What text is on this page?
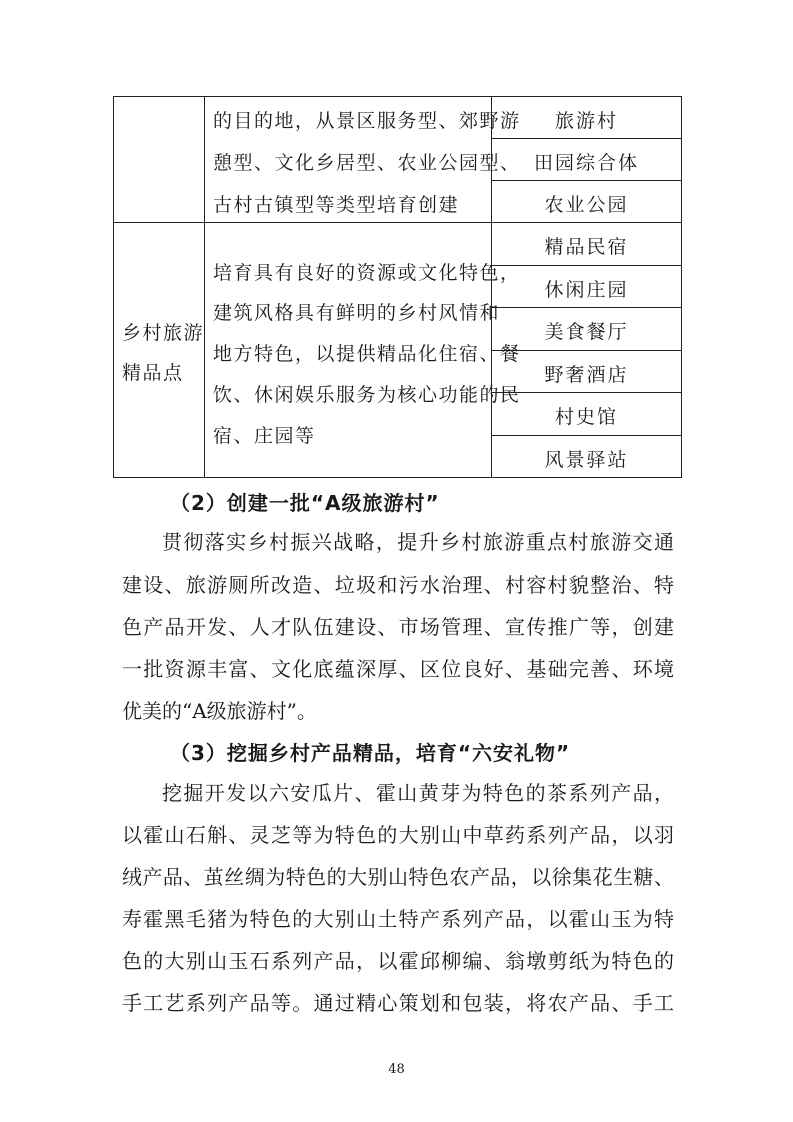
的目的地，从景区服务型、郊野游
憩型、文化乡居型、农业公园型、
古村古镇型等类型培育创建
旅游村
田园综合体
农业公园
乡村旅游
精品点
培育具有良好的资源或文化特色，
建筑风格具有鲜明的乡村风情和
地方特色，以提供精品化住宿、餐
饮、休闲娱乐服务为核心功能的民
宿、庄园等
精品民宿
休闲庄园
美食餐厅
野奢酒店
村史馆
风景驿站
（2）创建一批“A级旅游村”
贯彻落实乡村振兴战略，提升乡村旅游重点村旅游交通
建设、旅游厕所改造、垃圾和污水治理、村容村貌整治、特
色产品开发、人才队伍建设、市场管理、宣传推广等，创建
一批资源丰富、文化底蕴深厚、区位良好、基础完善、环境
优美的“A级旅游村”。
（3）挖掘乡村产品精品，培育“六安礼物”
挖掘开发以六安瓜片、霍山黄芽为特色的茶系列产品，
以霍山石斛、灵芝等为特色的大别山中草药系列产品，以羽
绒产品、茧丝绸为特色的大别山特色农产品，以徐集花生糖、
寿霍黑毛猪为特色的大别山土特产系列产品，以霍山玉为特
色的大别山玉石系列产品，以霍邱柳编、翁墩剪纸为特色的
手工艺系列产品等。通过精心策划和包装，将农产品、手工
48
